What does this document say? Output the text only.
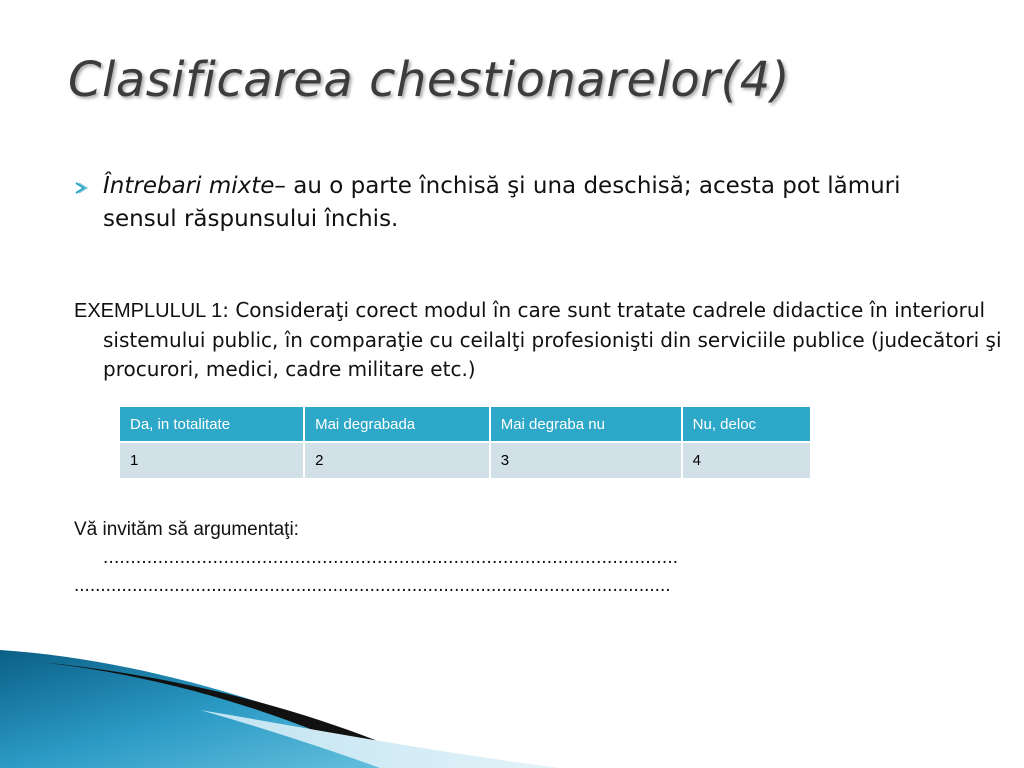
Clasificarea chestionarelor(4)
Întrebari mixte– au o parte închisă şi una deschisă; acesta pot lămuri sensul răspunsului închis.
EXEMPLULUL 1: Consideraţi corect modul în care sunt tratate cadrele didactice în interiorul sistemului public, în comparaţie cu ceilalţi profesionişti din serviciile publice (judecători şi procurori, medici, cadre militare etc.)
Da, in totalitate	Mai degrabada	Mai degraba nu	Nu, deloc
1	2	3	4
Vă invităm să argumentaţi:
.........................................................................................................
.................................................................................................................
